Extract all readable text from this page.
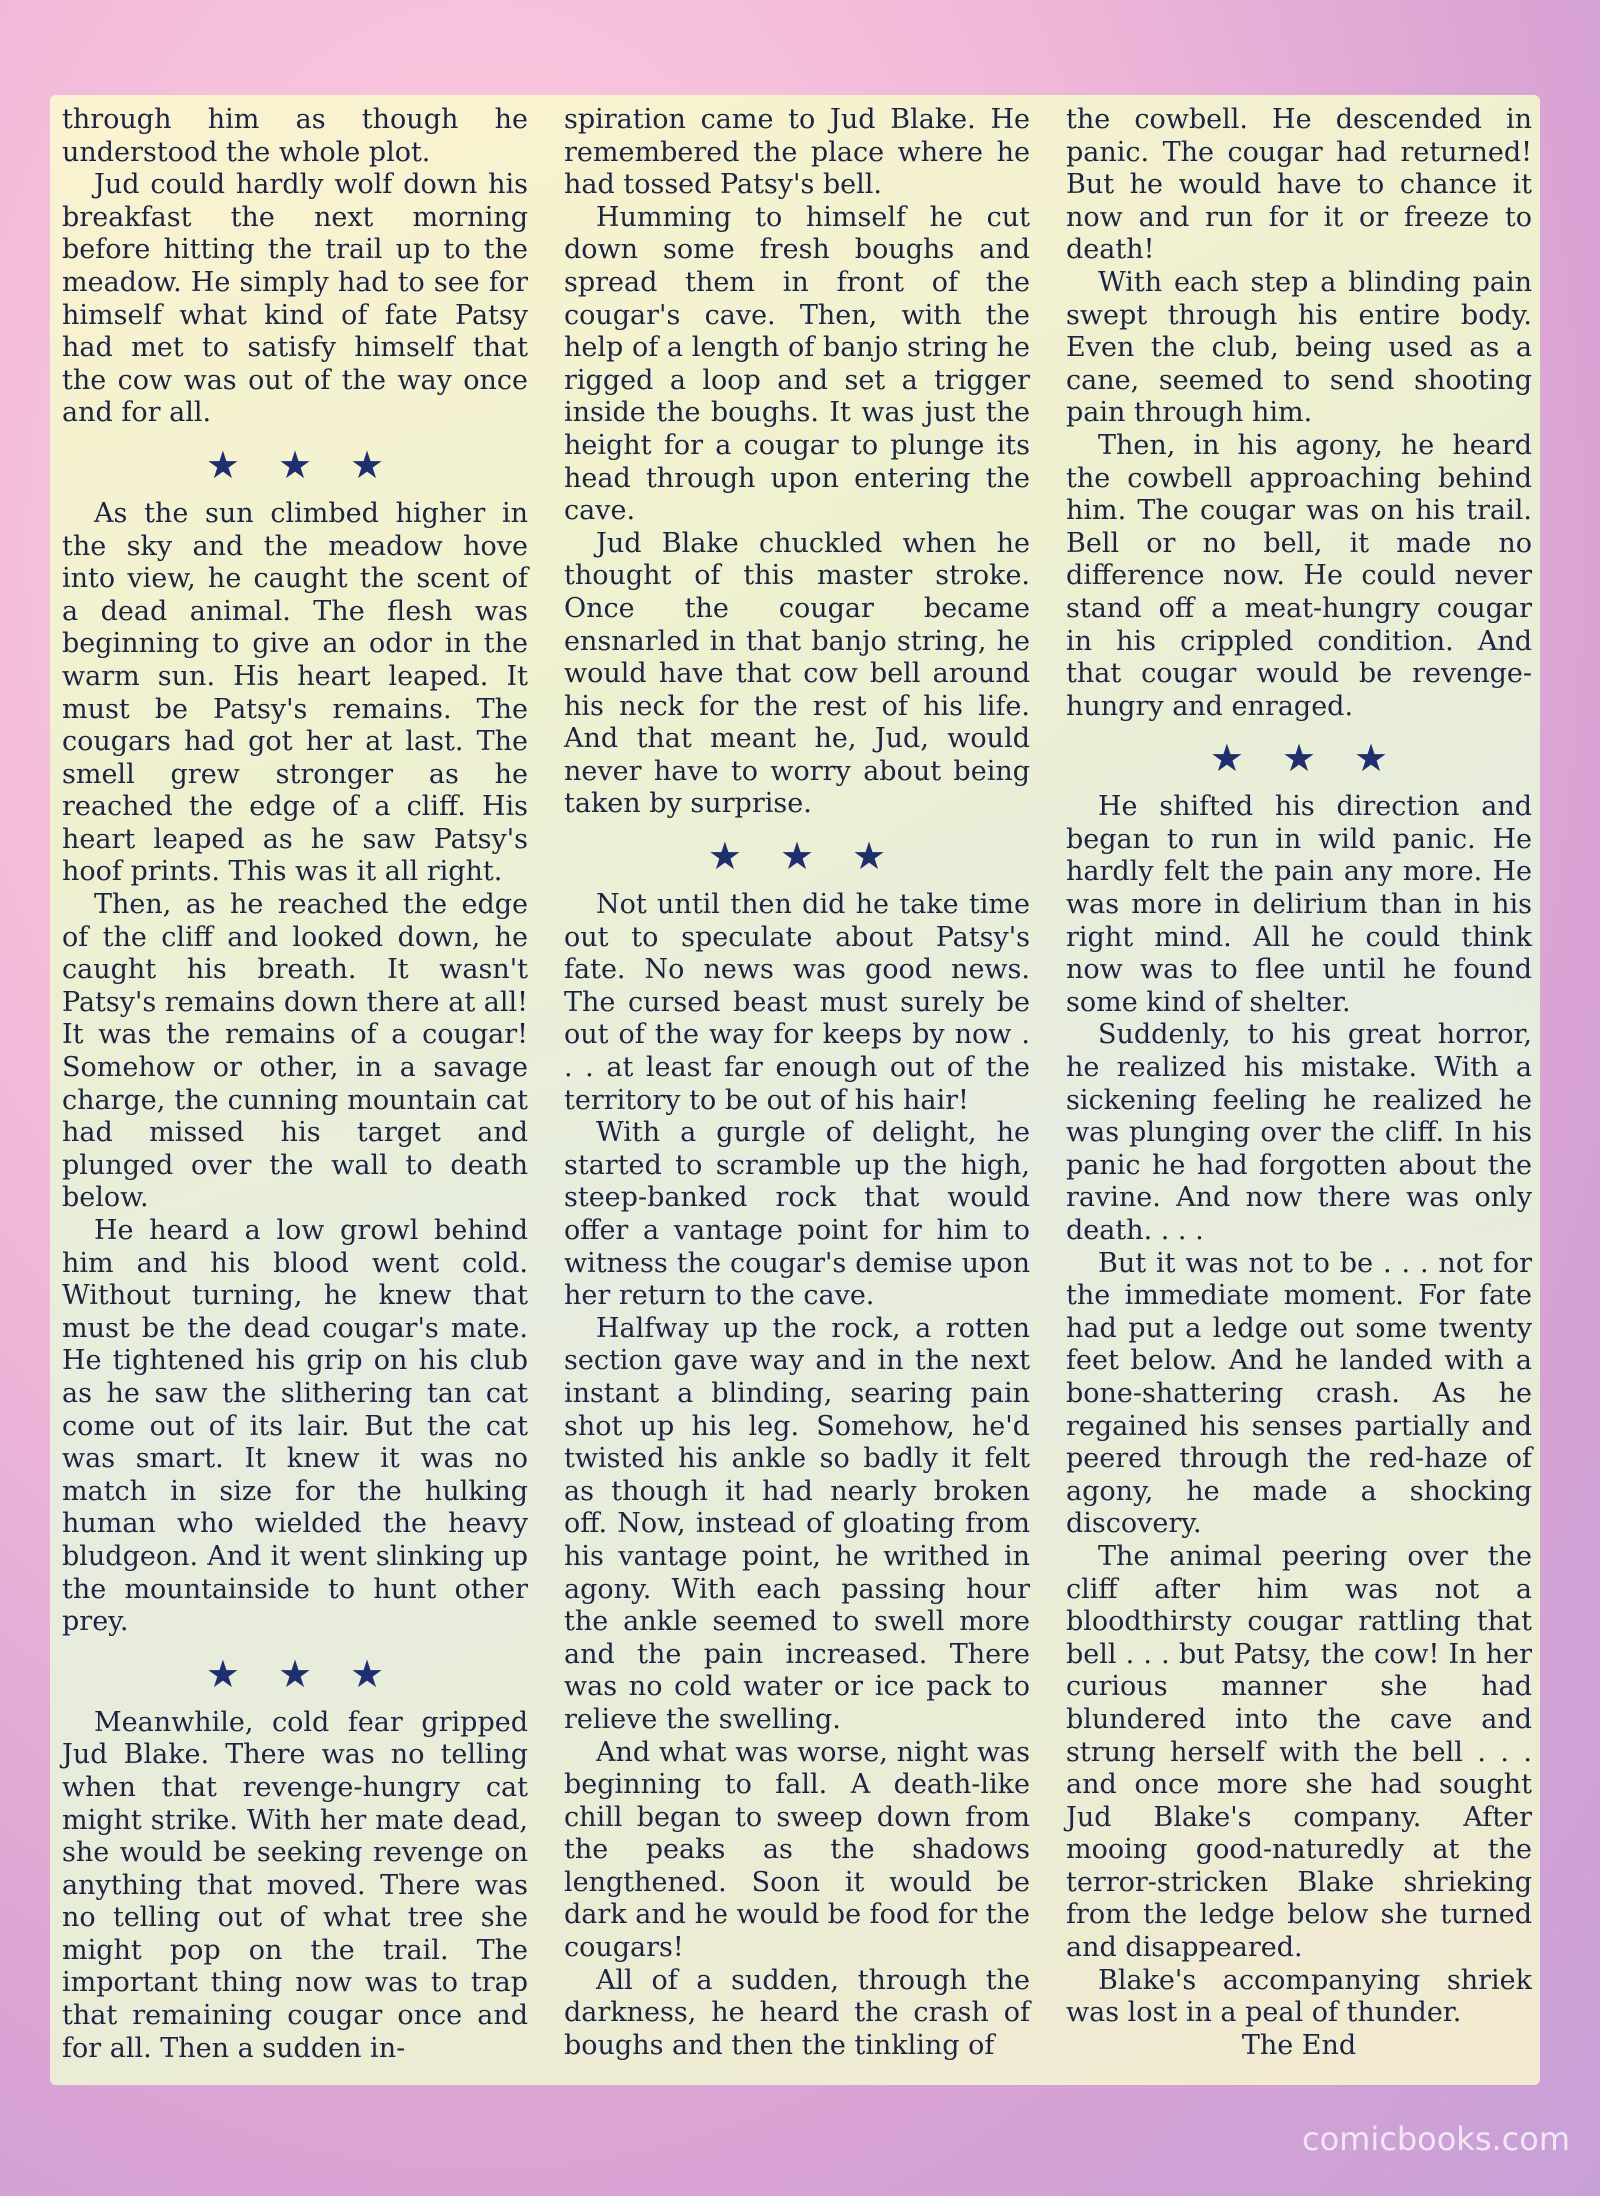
through him as though he understood the whole plot.

Jud could hardly wolf down his breakfast the next morning before hitting the trail up to the meadow. He simply had to see for himself what kind of fate Patsy had met to satisfy himself that the cow was out of the way once and for all.

★★★

As the sun climbed higher in the sky and the meadow hove into view, he caught the scent of a dead animal. The flesh was beginning to give an odor in the warm sun. His heart leaped. It must be Patsy's remains. The cougars had got her at last. The smell grew stronger as he reached the edge of a cliff. His heart leaped as he saw Patsy's hoof prints. This was it all right.

Then, as he reached the edge of the cliff and looked down, he caught his breath. It wasn't Patsy's remains down there at all! It was the remains of a cougar! Somehow or other, in a savage charge, the cunning mountain cat had missed his target and plunged over the wall to death below.

He heard a low growl behind him and his blood went cold. Without turning, he knew that must be the dead cougar's mate. He tightened his grip on his club as he saw the slithering tan cat come out of its lair. But the cat was smart. It knew it was no match in size for the hulking human who wielded the heavy bludgeon. And it went slinking up the mountainside to hunt other prey.

★★★

Meanwhile, cold fear gripped Jud Blake. There was no telling when that revenge-hungry cat might strike. With her mate dead, she would be seeking revenge on anything that moved. There was no telling out of what tree she might pop on the trail. The important thing now was to trap that remaining cougar once and for all. Then a sudden in-

spiration came to Jud Blake. He remembered the place where he had tossed Patsy's bell.

Humming to himself he cut down some fresh boughs and spread them in front of the cougar's cave. Then, with the help of a length of banjo string he rigged a loop and set a trigger inside the boughs. It was just the height for a cougar to plunge its head through upon entering the cave.

Jud Blake chuckled when he thought of this master stroke. Once the cougar became ensnarled in that banjo string, he would have that cow bell around his neck for the rest of his life. And that meant he, Jud, would never have to worry about being taken by surprise.

★★★

Not until then did he take time out to speculate about Patsy's fate. No news was good news. The cursed beast must surely be out of the way for keeps by now . . . at least far enough out of the territory to be out of his hair!

With a gurgle of delight, he started to scramble up the high, steep-banked rock that would offer a vantage point for him to witness the cougar's demise upon her return to the cave.

Halfway up the rock, a rotten section gave way and in the next instant a blinding, searing pain shot up his leg. Somehow, he'd twisted his ankle so badly it felt as though it had nearly broken off. Now, instead of gloating from his vantage point, he writhed in agony. With each passing hour the ankle seemed to swell more and the pain increased. There was no cold water or ice pack to relieve the swelling.

And what was worse, night was beginning to fall. A death-like chill began to sweep down from the peaks as the shadows lengthened. Soon it would be dark and he would be food for the cougars!

All of a sudden, through the darkness, he heard the crash of boughs and then the tinkling of

the cowbell. He descended in panic. The cougar had returned! But he would have to chance it now and run for it or freeze to death!

With each step a blinding pain swept through his entire body. Even the club, being used as a cane, seemed to send shooting pain through him.

Then, in his agony, he heard the cowbell approaching behind him. The cougar was on his trail. Bell or no bell, it made no difference now. He could never stand off a meat-hungry cougar in his crippled condition. And that cougar would be revenge-hungry and enraged.

★★★

He shifted his direction and began to run in wild panic. He hardly felt the pain any more. He was more in delirium than in his right mind. All he could think now was to flee until he found some kind of shelter.

Suddenly, to his great horror, he realized his mistake. With a sickening feeling he realized he was plunging over the cliff. In his panic he had forgotten about the ravine. And now there was only death. . . .

But it was not to be . . . not for the immediate moment. For fate had put a ledge out some twenty feet below. And he landed with a bone-shattering crash. As he regained his senses partially and peered through the red-haze of agony, he made a shocking discovery.

The animal peering over the cliff after him was not a bloodthirsty cougar rattling that bell . . . but Patsy, the cow! In her curious manner she had blundered into the cave and strung herself with the bell . . . and once more she had sought Jud Blake's company. After mooing good-naturedly at the terror-stricken Blake shrieking from the ledge below she turned and disappeared.

Blake's accompanying shriek was lost in a peal of thunder.

The End

comicbooks.com
